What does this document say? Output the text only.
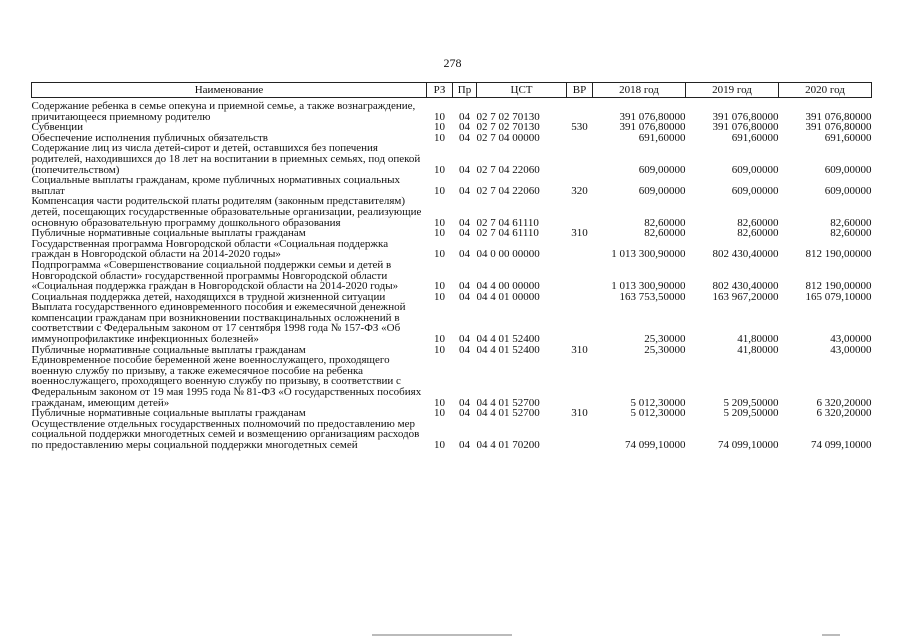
278
Наименование	РЗ	Пр	ЦСТ	ВР	2018 год	2019 год	2020 год

Содержание ребенка в семье опекуна и приемной семье, а также вознаграждение, причитающееся приемному родителю	10	04	02 7 02 70130		391 076,80000	391 076,80000	391 076,80000
Субвенции	10	04	02 7 02 70130	530	391 076,80000	391 076,80000	391 076,80000
Обеспечение исполнения публичных обязательств	10	04	02 7 04 00000		691,60000	691,60000	691,60000
Содержание лиц из числа детей-сирот и детей, оставшихся без попечения родителей, находившихся до 18 лет на воспитании в приемных семьях, под опекой (попечительством)	10	04	02 7 04 22060		609,00000	609,00000	609,00000
Социальные выплаты гражданам, кроме публичных нормативных социальных выплат	10	04	02 7 04 22060	320	609,00000	609,00000	609,00000
Компенсация части родительской платы родителям (законным представителям) детей, посещающих государственные образовательные организации, реализующие основную образовательную программу дошкольного образования	10	04	02 7 04 61110		82,60000	82,60000	82,60000
Публичные нормативные социальные выплаты гражданам	10	04	02 7 04 61110	310	82,60000	82,60000	82,60000
Государственная программа Новгородской области «Социальная поддержка граждан в Новгородской области на 2014-2020 годы»	10	04	04 0 00 00000		1 013 300,90000	802 430,40000	812 190,00000
Подпрограмма «Совершенствование социальной поддержки семьи и детей в Новгородской области» государственной программы Новгородской области «Социальная поддержка граждан в Новгородской области на 2014-2020 годы»	10	04	04 4 00 00000		1 013 300,90000	802 430,40000	812 190,00000
Социальная поддержка детей, находящихся в трудной жизненной ситуации	10	04	04 4 01 00000		163 753,50000	163 967,20000	165 079,10000
Выплата государственного единовременного пособия и ежемесячной денежной компенсации гражданам при возникновении поствакцинальных осложнений в соответствии с Федеральным законом от 17 сентября 1998 года № 157-ФЗ «Об иммунопрофилактике инфекционных болезней»	10	04	04 4 01 52400		25,30000	41,80000	43,00000
Публичные нормативные социальные выплаты гражданам	10	04	04 4 01 52400	310	25,30000	41,80000	43,00000
Единовременное пособие беременной жене военнослужащего, проходящего военную службу по призыву, а также ежемесячное пособие на ребенка военнослужащего, проходящего военную службу по призыву, в соответствии с Федеральным законом от 19 мая 1995 года № 81-ФЗ «О государственных пособиях гражданам, имеющим детей»	10	04	04 4 01 52700		5 012,30000	5 209,50000	6 320,20000
Публичные нормативные социальные выплаты гражданам	10	04	04 4 01 52700	310	5 012,30000	5 209,50000	6 320,20000
Осуществление отдельных государственных полномочий по предоставлению мер социальной поддержки многодетных семей и возмещению организациям расходов по предоставлению меры социальной поддержки многодетных семей	10	04	04 4 01 70200		74 099,10000	74 099,10000	74 099,10000
